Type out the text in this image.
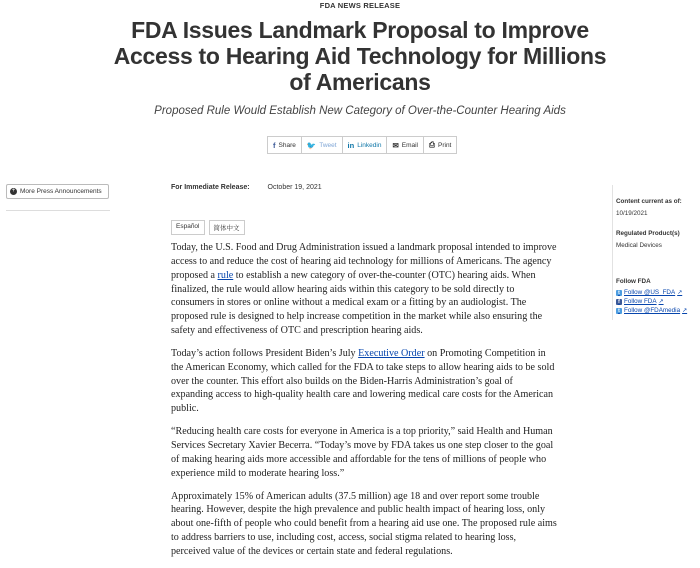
FDA NEWS RELEASE
FDA Issues Landmark Proposal to Improve Access to Hearing Aid Technology for Millions of Americans
Proposed Rule Would Establish New Category of Over-the-Counter Hearing Aids
f Share 🐦 Tweet in Linkedin ✉ Email ⎙ Print
+ More Press Announcements
For Immediate Release:	October 19, 2021
Español	简体中文

Today, the U.S. Food and Drug Administration issued a landmark proposal intended to improve access to and reduce the cost of hearing aid technology for millions of Americans. The agency proposed a rule to establish a new category of over-the-counter (OTC) hearing aids. When finalized, the rule would allow hearing aids within this category to be sold directly to consumers in stores or online without a medical exam or a fitting by an audiologist. The proposed rule is designed to help increase competition in the market while also ensuring the safety and effectiveness of OTC and prescription hearing aids.

Today’s action follows President Biden’s July Executive Order on Promoting Competition in the American Economy, which called for the FDA to take steps to allow hearing aids to be sold over the counter. This effort also builds on the Biden-Harris Administration’s goal of expanding access to high-quality health care and lowering medical care costs for the American public.

“Reducing health care costs for everyone in America is a top priority,” said Health and Human Services Secretary Xavier Becerra. “Today’s move by FDA takes us one step closer to the goal of making hearing aids more accessible and affordable for the tens of millions of people who experience mild to moderate hearing loss.”

Approximately 15% of American adults (37.5 million) age 18 and over report some trouble hearing. However, despite the high prevalence and public health impact of hearing loss, only about one-fifth of people who could benefit from a hearing aid use one. The proposed rule aims to address barriers to use, including cost, access, social stigma related to hearing loss, perceived value of the devices or certain state and federal regulations.

Content current as of:
10/19/2021
Regulated Product(s)
Medical Devices
Follow FDA
t Follow @US_FDA ↗
f Follow FDA ↗
t Follow @FDAmedia ↗
